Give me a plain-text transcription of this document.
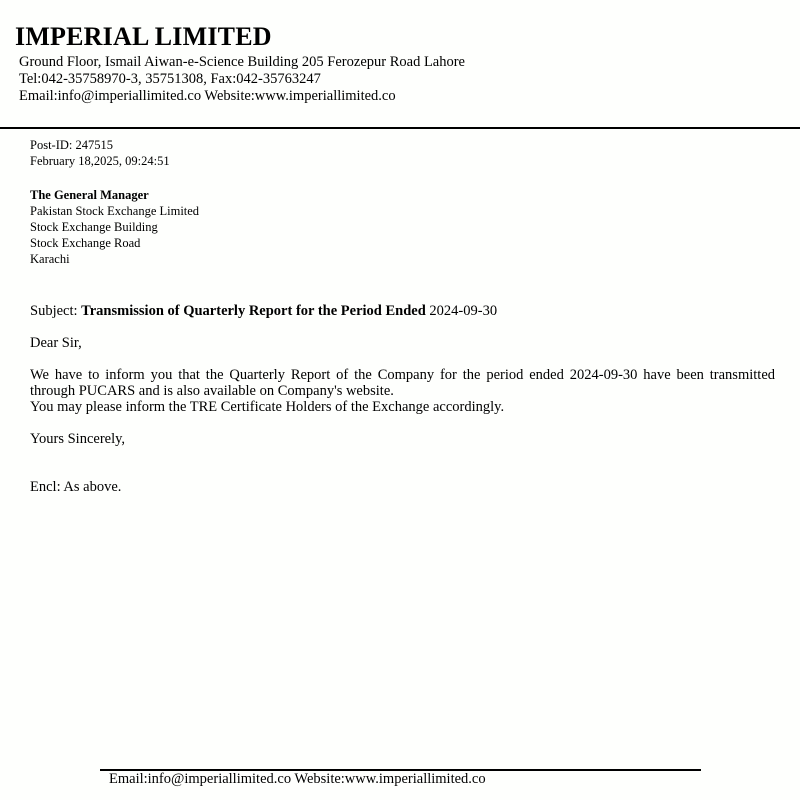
IMPERIAL LIMITED
Ground Floor, Ismail Aiwan-e-Science Building 205 Ferozepur Road Lahore
Tel:042-35758970-3, 35751308, Fax:042-35763247
Email:info@imperiallimited.co Website:www.imperiallimited.co
Post-ID: 247515
February 18,2025, 09:24:51
The General Manager
Pakistan Stock Exchange Limited
Stock Exchange Building
Stock Exchange Road
Karachi
Subject: Transmission of Quarterly Report for the Period Ended 2024-09-30
Dear Sir,
We have to inform you that the Quarterly Report of the Company for the period ended 2024-09-30 have been transmitted
through PUCARS and is also available on Company's website.
You may please inform the TRE Certificate Holders of the Exchange accordingly.
Yours Sincerely,
Encl: As above.
Email:info@imperiallimited.co Website:www.imperiallimited.co
